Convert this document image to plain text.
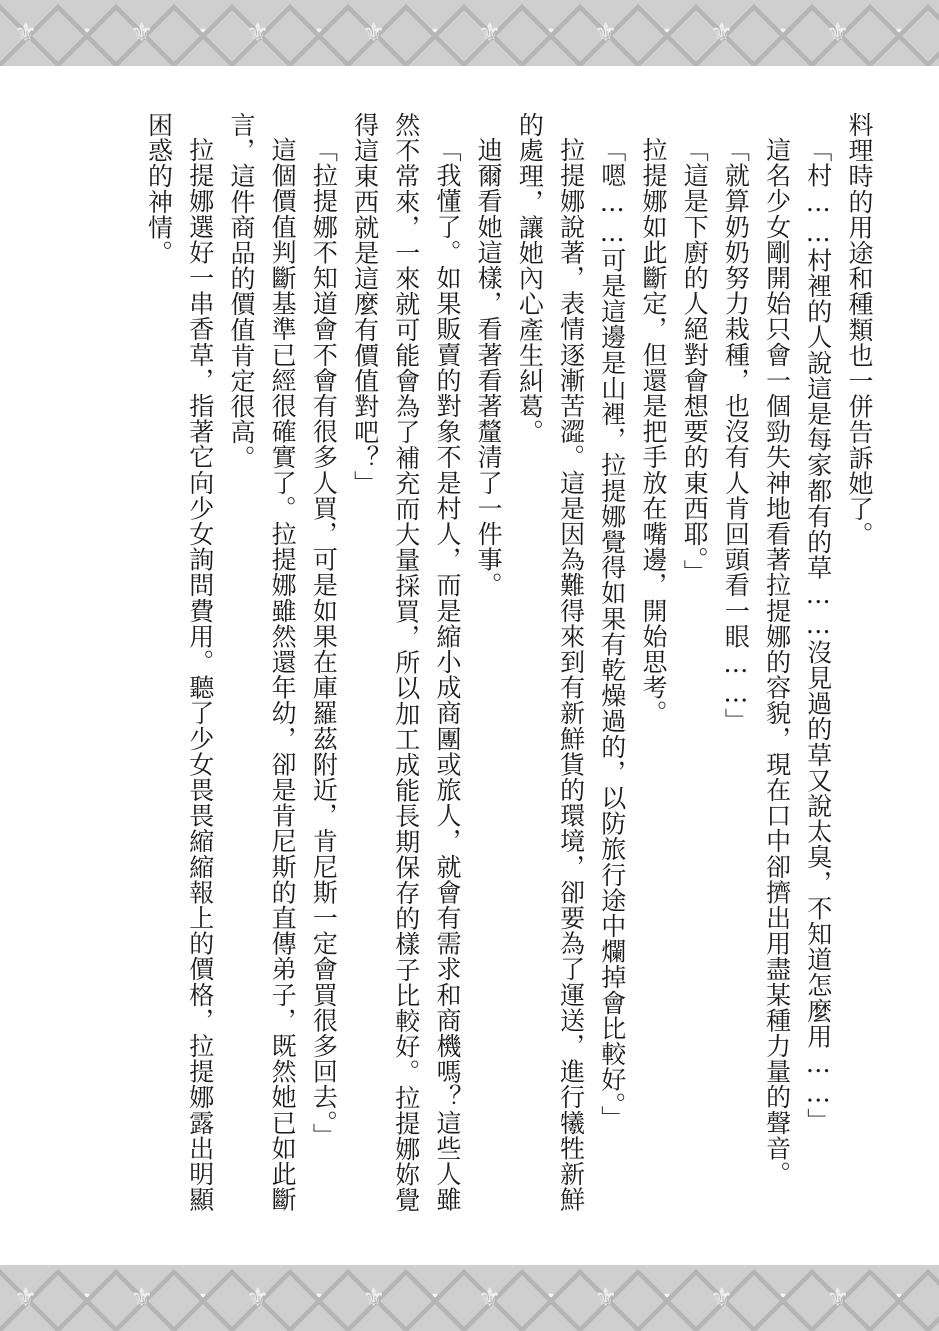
⚜	⚜	⚜	⚜	⚜	⚜	⚜	⚜

料理時的用途和種類也一併告訴她了。

「村……村裡的人說這是每家都有的草……沒見過的草又說太臭，不知道怎麼用……」

這名少女剛開始只會一個勁失神地看著拉提娜的容貌，現在口中卻擠出用盡某種力量的聲音。

「就算奶奶努力栽種，也沒有人肯回頭看一眼……」

「這是下廚的人絕對會想要的東西耶。」

拉提娜如此斷定，但還是把手放在嘴邊，開始思考。

「嗯……可是這邊是山裡，拉提娜覺得如果有乾燥過的，以防旅行途中爛掉會比較好。」

拉提娜說著，表情逐漸苦澀。這是因為難得來到有新鮮貨的環境，卻要為了運送，進行犧牲新鮮的處理，讓她內心產生糾葛。

迪爾看她這樣，看著看著釐清了一件事。

「我懂了。如果販賣的對象不是村人，而是縮小成商團或旅人，就會有需求和商機嗎？這些人雖然不常來，一來就可能會為了補充而大量採買，所以加工成能長期保存的樣子比較好。拉提娜妳覺得這東西就是這麼有價值對吧？」

「拉提娜不知道會不會有很多人買，可是如果在庫羅茲附近，肯尼斯一定會買很多回去。」

這個價值判斷基準已經很確實了。拉提娜雖然還年幼，卻是肯尼斯的直傳弟子，既然她已如此斷言，這件商品的價值肯定很高。

拉提娜選好一串香草，指著它向少女詢問費用。聽了少女畏畏縮縮報上的價格，拉提娜露出明顯困惑的神情。

⚜	⚜	⚜	⚜	⚜	⚜	⚜	⚜
